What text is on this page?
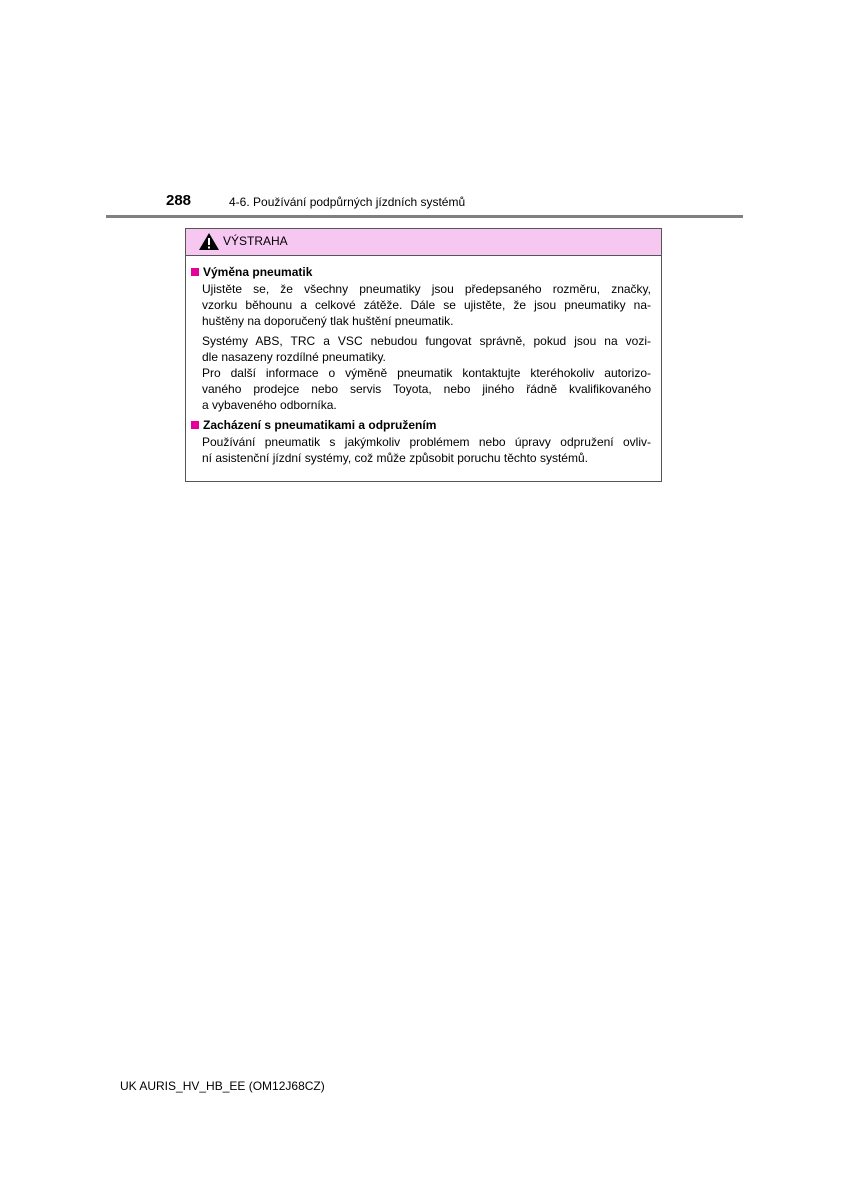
288	4-6. Používání podpůrných jízdních systémů
VÝSTRAHA
Výměna pneumatik
Ujistěte se, že všechny pneumatiky jsou předepsaného rozměru, značky,
vzorku běhounu a celkové zátěže. Dále se ujistěte, že jsou pneumatiky na-
huštěny na doporučený tlak huštění pneumatik.
Systémy ABS, TRC a VSC nebudou fungovat správně, pokud jsou na vozi-
dle nasazeny rozdílné pneumatiky.
Pro další informace o výměně pneumatik kontaktujte kteréhokoliv autorizo-
vaného prodejce nebo servis Toyota, nebo jiného řádně kvalifikovaného
a vybaveného odborníka.
Zacházení s pneumatikami a odpružením
Používání pneumatik s jakýmkoliv problémem nebo úpravy odpružení ovliv-
ní asistenční jízdní systémy, což může způsobit poruchu těchto systémů.
UK AURIS_HV_HB_EE (OM12J68CZ)
